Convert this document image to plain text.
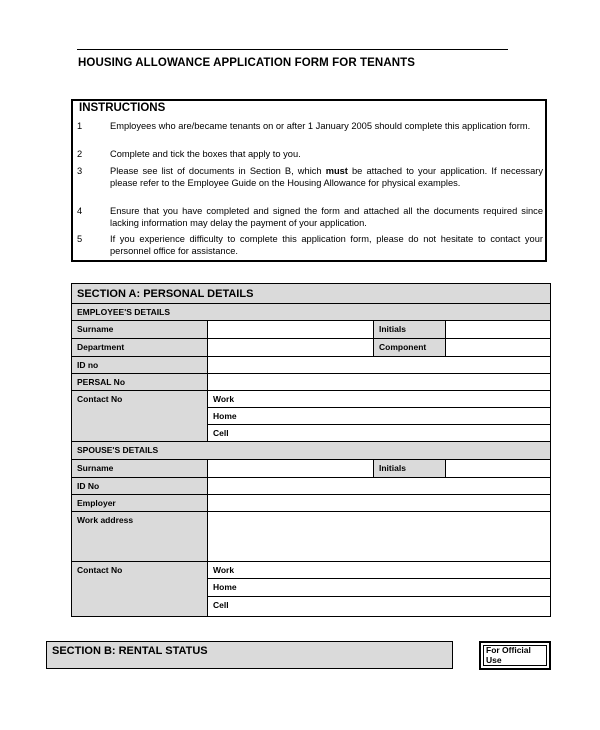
HOUSING ALLOWANCE APPLICATION FORM FOR TENANTS
INSTRUCTIONS
1	Employees who are/became tenants on or after 1 January 2005 should complete this application form.
2	Complete and tick the boxes that apply to you.
3	Please see list of documents in Section B, which must be attached to your application. If necessary please refer to the Employee Guide on the Housing Allowance for physical examples.
4	Ensure that you have completed and signed the form and attached all the documents required since lacking information may delay the payment of your application.
5	If you experience difficulty to complete this application form, please do not hesitate to contact your personnel office for assistance.
SECTION A: PERSONAL DETAILS			
EMPLOYEE'S DETAILS			
Surname		Initials	
Department		Component	
ID no			
PERSAL No			
Contact No	Work		
	Home		
	Cell		
SPOUSE'S DETAILS			
Surname		Initials	
ID No			
Employer			
Work address			
Contact No	Work		
	Home		
	Cell		
SECTION B: RENTAL STATUS	For Official Use
